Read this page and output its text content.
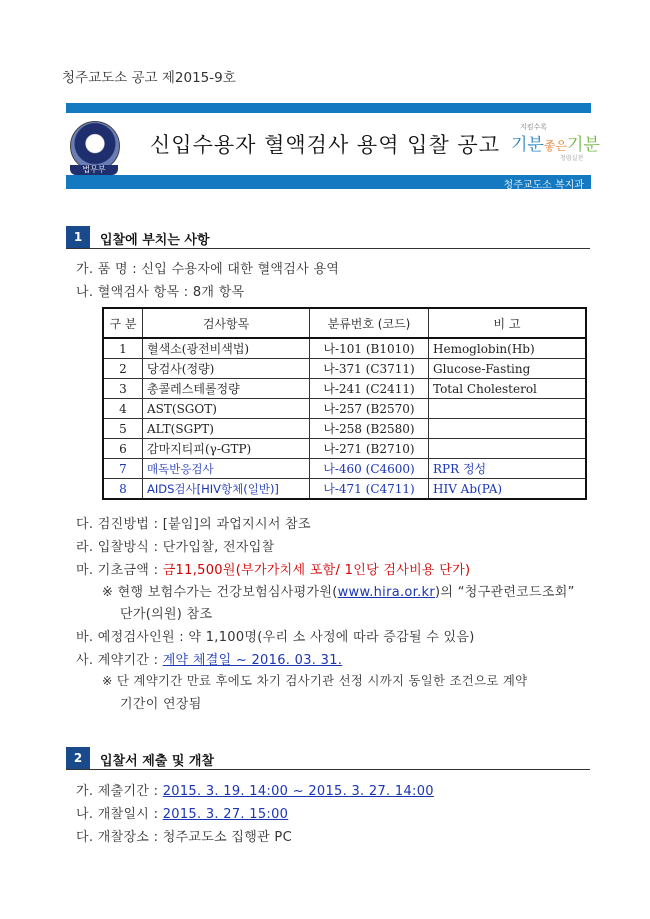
청주교도소 공고 제2015-9호
법무부
신입수용자 혈액검사 용역 입찰 공고
지킴수록
기분좋은기분
청렴실천
청주교도소 복지과
1	입찰에 부치는 사항
가. 품 명 : 신입 수용자에 대한 혈액검사 용역
나. 혈액검사 항목 : 8개 항목
구 분	검사항목	분류번호 (코드)	비 고
1	혈색소(광전비색법)	나-101 (B1010)	Hemoglobin(Hb)
2	당검사(정량)	나-371 (C3711)	Glucose-Fasting
3	총콜레스테롤정량	나-241 (C2411)	Total Cholesterol
4	AST(SGOT)	나-257 (B2570)	
5	ALT(SGPT)	나-258 (B2580)	
6	감마지티피(γ-GTP)	나-271 (B2710)	
7	매독반응검사	나-460 (C4600)	RPR 정성
8	AIDS검사[HIV항체(일반)]	나-471 (C4711)	HIV Ab(PA)
다. 검진방법 : [붙임]의 과업지시서 참조
라. 입찰방식 : 단가입찰, 전자입찰
마. 기초금액 : 금11,500원(부가가치세 포함/ 1인당 검사비용 단가)
※ 현행 보험수가는 건강보험심사평가원(www.hira.or.kr)의 “청구관련코드조회”
단가(의원) 참조
바. 예정검사인원 : 약 1,100명(우리 소 사정에 따라 증감될 수 있음)
사. 계약기간 : 계약 체결일 ~ 2016. 03. 31.
※ 단 계약기간 만료 후에도 차기 검사기관 선정 시까지 동일한 조건으로 계약
기간이 연장됨
2	입찰서 제출 및 개찰
가. 제출기간 : 2015. 3. 19. 14:00 ~ 2015. 3. 27. 14:00
나. 개찰일시 : 2015. 3. 27. 15:00
다. 개찰장소 : 청주교도소 집행관 PC
